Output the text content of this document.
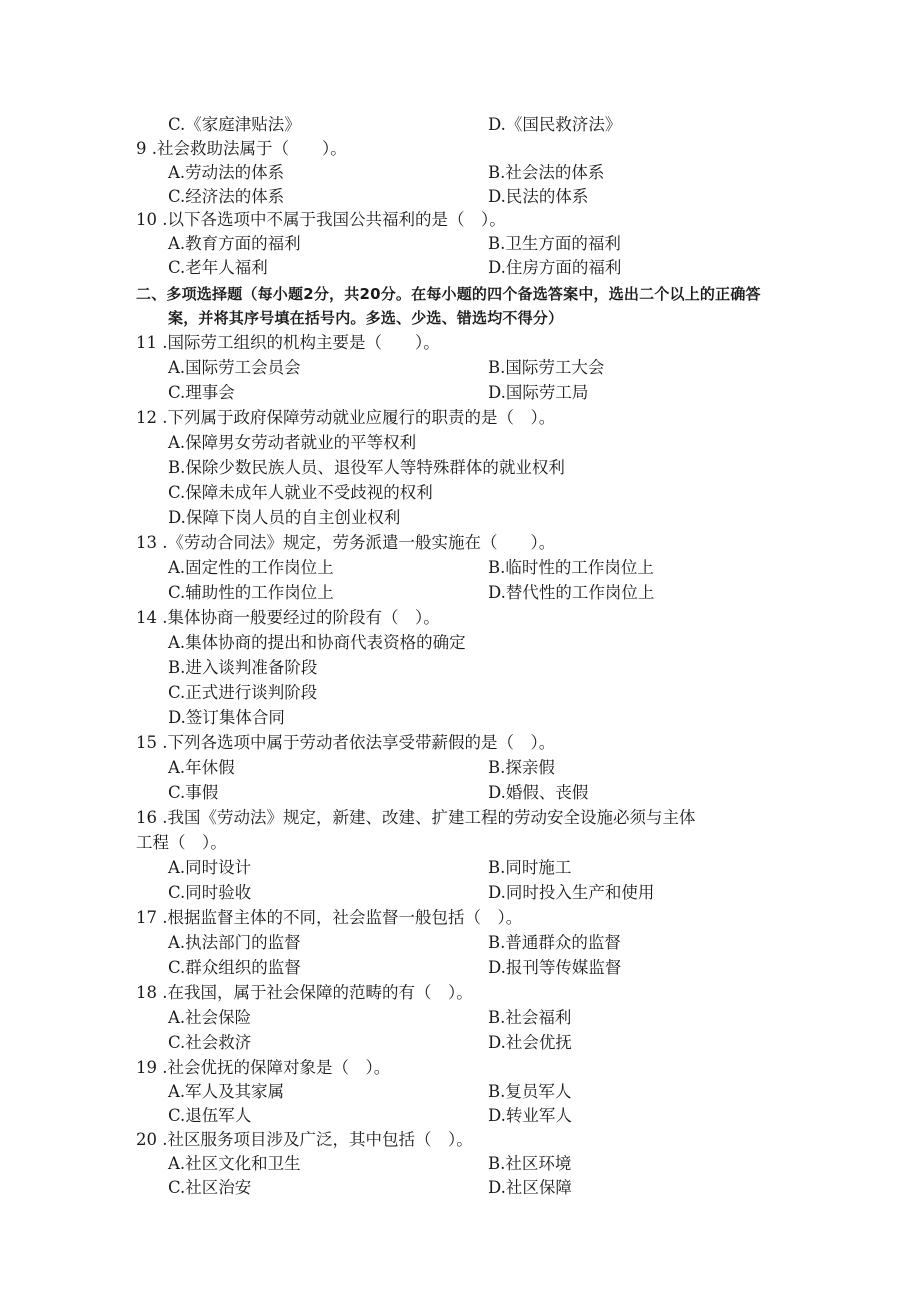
C.《家庭津贴法》	D.《国民救济法》
9 .社会救助法属于（　　）。
A.劳动法的体系	B.社会法的体系
C.经济法的体系	D.民法的体系
10 .以下各选项中不属于我国公共福利的是（　）。
A.教育方面的福利	B.卫生方面的福利
C.老年人福利	D.住房方面的福利
二、多项选择题（每小题2分，共20分。在每小题的四个备选答案中，选出二个以上的正确答
案，并将其序号填在括号内。多选、少选、错选均不得分）
11 .国际劳工组织的机构主要是（　　）。
A.国际劳工会员会	B.国际劳工大会
C.理事会	D.国际劳工局
12 .下列属于政府保障劳动就业应履行的职责的是（　）。
A.保障男女劳动者就业的平等权利
B.保除少数民族人员、退役军人等特殊群体的就业权利
C.保障未成年人就业不受歧视的权利
D.保障下岗人员的自主创业权利
13 .《劳动合同法》规定，劳务派遣一般实施在（　　）。
A.固定性的工作岗位上	B.临时性的工作岗位上
C.辅助性的工作岗位上	D.替代性的工作岗位上
14 .集体协商一般要经过的阶段有（　）。
A.集体协商的提出和协商代表资格的确定
B.进入谈判准备阶段
C.正式进行谈判阶段
D.签订集体合同
15 .下列各选项中属于劳动者依法享受带薪假的是（　）。
A.年休假	B.探亲假
C.事假	D.婚假、丧假
16 .我国《劳动法》规定，新建、改建、扩建工程的劳动安全设施必须与主体
工程（　）。
A.同时设计	B.同时施工
C.同时验收	D.同时投入生产和使用
17 .根据监督主体的不同，社会监督一般包括（　）。
A.执法部门的监督	B.普通群众的监督
C.群众组织的监督	D.报刊等传媒监督
18 .在我国，属于社会保障的范畴的有（　）。
A.社会保险	B.社会福利
C.社会救济	D.社会优抚
19 .社会优抚的保障对象是（　）。
A.军人及其家属	B.复员军人
C.退伍军人	D.转业军人
20 .社区服务项目涉及广泛，其中包括（　）。
A.社区文化和卫生	B.社区环境
C.社区治安	D.社区保障
